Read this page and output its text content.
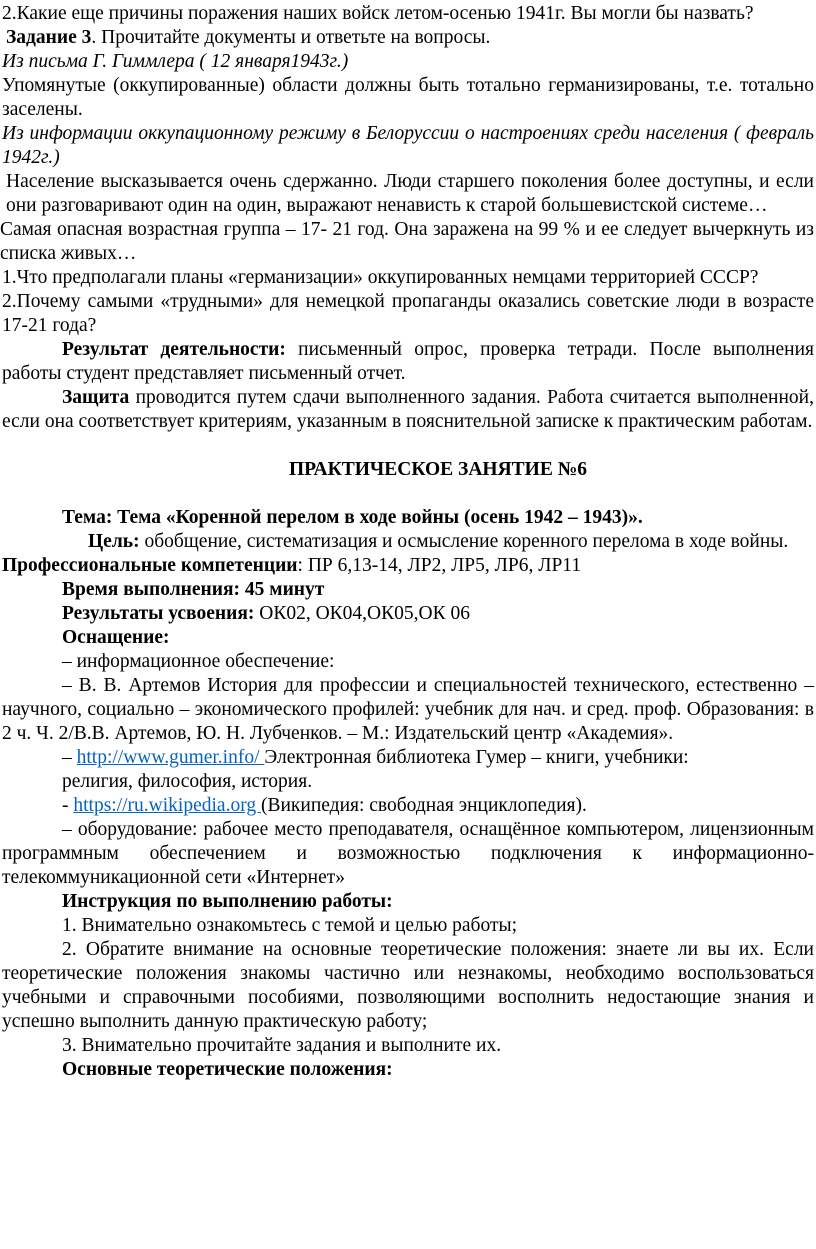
2.Какие еще причины поражения наших войск летом-осенью 1941г. Вы могли бы назвать?

Задание 3. Прочитайте документы и ответьте на вопросы.

Из письма Г. Гиммлера ( 12 января1943г.)

Упомянутые (оккупированные) области должны быть тотально германизированы, т.е. тотально заселены.

Из информации оккупационному режиму в Белоруссии о настроениях среди населения ( февраль 1942г.)

Население высказывается очень сдержанно. Люди старшего поколения более доступны, и если они разговаривают один на один, выражают ненависть к старой большевистской системе…

Самая опасная возрастная группа – 17- 21 год. Она заражена на 99 % и ее следует вычеркнуть из списка живых…

1.Что предполагали планы «германизации» оккупированных немцами территорией СССР?

2.Почему самыми «трудными» для немецкой пропаганды оказались советские люди в возрасте 17-21 года?

Результат деятельности: письменный опрос, проверка тетради. После выполнения работы студент представляет письменный отчет.

Защита проводится путем сдачи выполненного задания. Работа считается выполненной, если она соответствует критериям, указанным в пояснительной записке к практическим работам.

ПРАКТИЧЕСКОЕ ЗАНЯТИЕ №6

Тема: Тема «Коренной перелом в ходе войны (осень 1942 – 1943)».

Цель: обобщение, систематизация и осмысление коренного перелома в ходе войны.

Профессиональные компетенции: ПР 6,13-14, ЛР2, ЛР5, ЛР6, ЛР11

Время выполнения: 45 минут

Результаты усвоения: ОК02, ОК04,ОК05,ОК 06

Оснащение:

– информационное обеспечение:

– В. В. Артемов История для профессии и специальностей технического, естественно – научного, социально – экономического профилей: учебник для нач. и сред. проф. Образования: в 2 ч. Ч. 2/В.В. Артемов, Ю. Н. Лубченков. – М.: Издательский центр «Академия».

– http://www.gumer.info/ Электронная библиотека Гумер – книги, учебники:

религия, философия, история.

- https://ru.wikipedia.org (Википедия: свободная энциклопедия).

– оборудование: рабочее место преподавателя, оснащённое компьютером, лицензионным программным обеспечением и возможностью подключения к информационно-телекоммуникационной сети «Интернет»

Инструкция по выполнению работы:

1. Внимательно ознакомьтесь с темой и целью работы;

2. Обратите внимание на основные теоретические положения: знаете ли вы их. Если теоретические положения знакомы частично или незнакомы, необходимо воспользоваться учебными и справочными пособиями, позволяющими восполнить недостающие знания и успешно выполнить данную практическую работу;

3. Внимательно прочитайте задания и выполните их.

Основные теоретические положения:
